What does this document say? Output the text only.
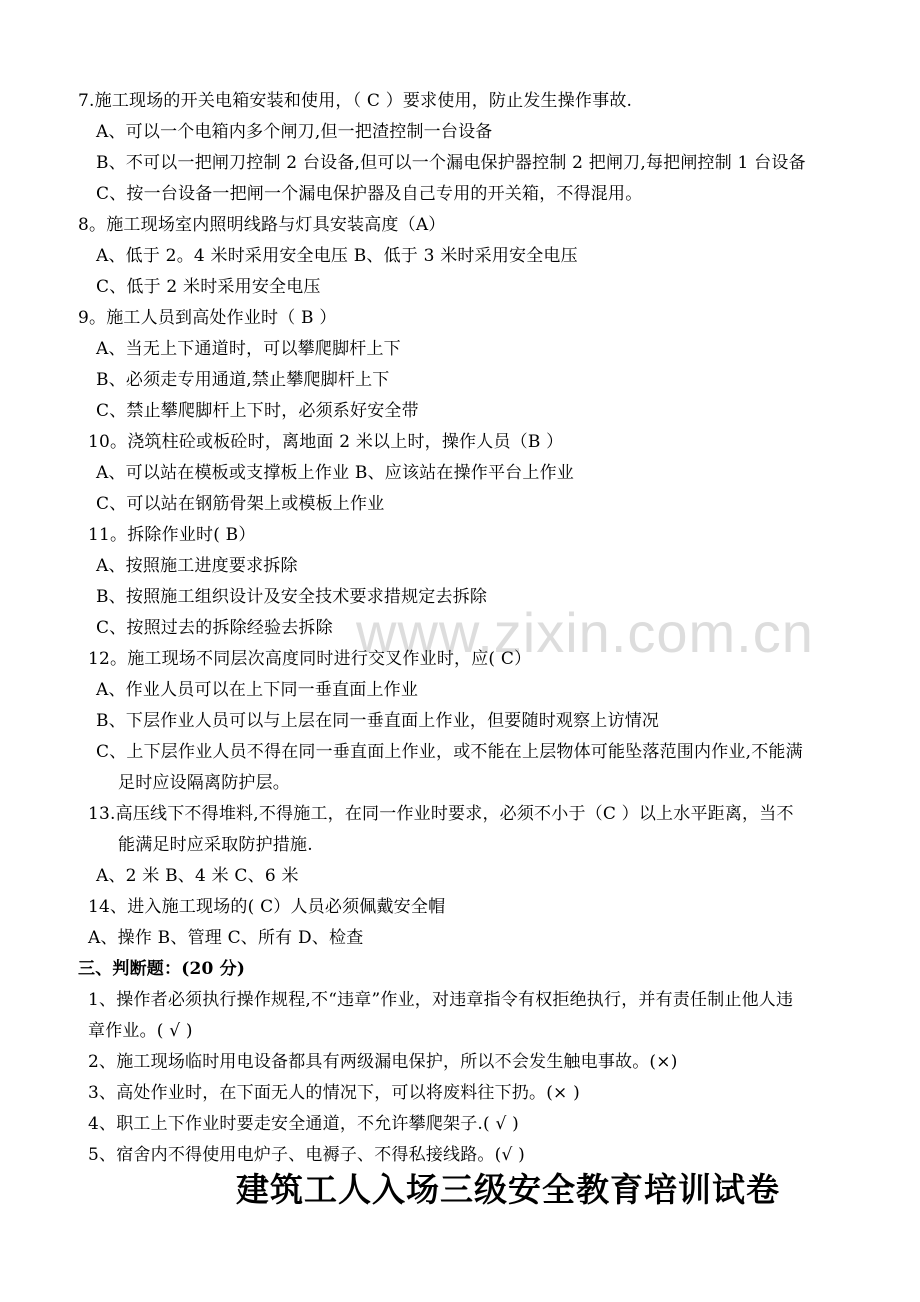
www.zixin.com.cn
7.施工现场的开关电箱安装和使用，（ C ）要求使用，防止发生操作事故.
A、可以一个电箱内多个闸刀,但一把渣控制一台设备
B、不可以一把闸刀控制 2 台设备,但可以一个漏电保护器控制 2 把闸刀,每把闸控制 1 台设备
C、按一台设备一把闸一个漏电保护器及自己专用的开关箱，不得混用。
8。施工现场室内照明线路与灯具安装高度（A）
A、低于 2。4 米时采用安全电压 B、低于 3 米时采用安全电压
C、低于 2 米时采用安全电压
9。施工人员到高处作业时（ B ）
A、当无上下通道时，可以攀爬脚杆上下
B、必须走专用通道,禁止攀爬脚杆上下
C、禁止攀爬脚杆上下时，必须系好安全带
10。浇筑柱砼或板砼时，离地面 2 米以上时，操作人员（B ）
A、可以站在模板或支撑板上作业 B、应该站在操作平台上作业
C、可以站在钢筋骨架上或模板上作业
11。拆除作业时( B）
A、按照施工进度要求拆除
B、按照施工组织设计及安全技术要求措规定去拆除
C、按照过去的拆除经验去拆除
12。施工现场不同层次高度同时进行交叉作业时，应( C）
A、作业人员可以在上下同一垂直面上作业
B、下层作业人员可以与上层在同一垂直面上作业，但要随时观察上访情况
C、上下层作业人员不得在同一垂直面上作业，或不能在上层物体可能坠落范围内作业,不能满
足时应设隔离防护层。
13.高压线下不得堆料,不得施工，在同一作业时要求，必须不小于（C ）以上水平距离，当不
能满足时应采取防护措施.
A、2 米 B、4 米 C、6 米
14、进入施工现场的( C）人员必须佩戴安全帽
A、操作 B、管理 C、所有 D、检查
三、判断题：(20 分)
1、操作者必须执行操作规程,不“违章”作业，对违章指令有权拒绝执行，并有责任制止他人违
章作业。( √ )
2、施工现场临时用电设备都具有两级漏电保护，所以不会发生触电事故。(×)
3、高处作业时，在下面无人的情况下，可以将废料往下扔。(× )
4、职工上下作业时要走安全通道，不允许攀爬架子.( √ )
5、宿舍内不得使用电炉子、电褥子、不得私接线路。(√ )
建筑工人入场三级安全教育培训试卷
